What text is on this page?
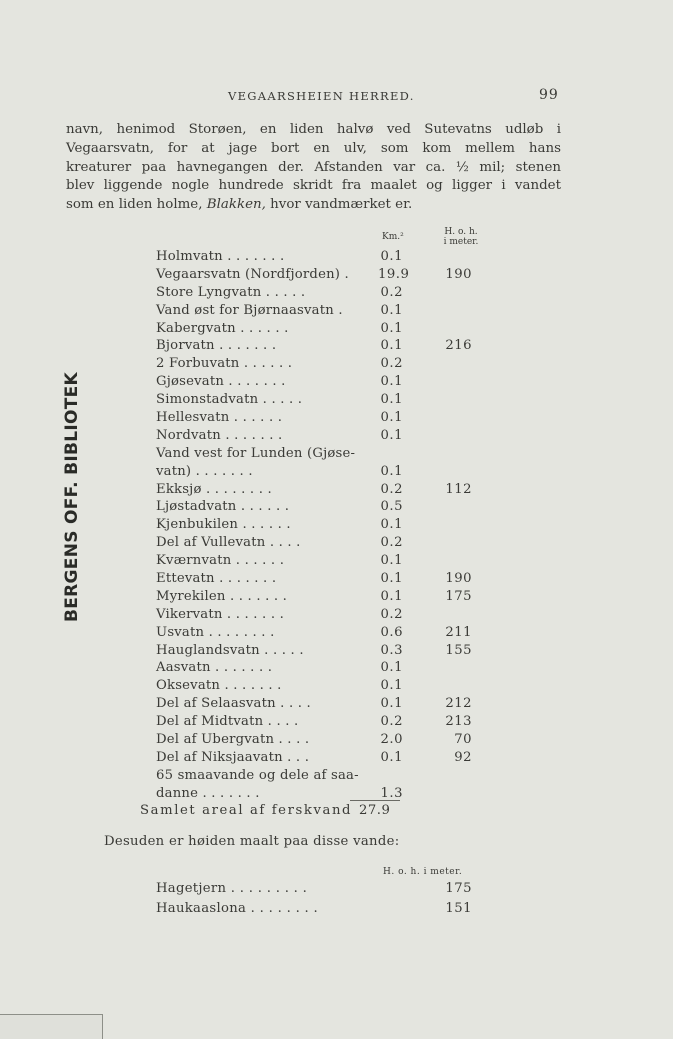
VEGAARSHEIEN HERRED.	99
navn, henimod Storøen, en liden halvø ved Sutevatns udløb i
Vegaarsvatn, for at jage bort en ulv, som kom mellem hans
kreaturer paa havnegangen der. Afstanden var ca. ½ mil; stenen
blev liggende nogle hundrede skridt fra maalet og ligger i vandet
som en liden holme, Blakken, hvor vandmærket er.
Km.²	H. o. h.
i meter.
Holmvatn . . . . . . .	0.1
Vegaarsvatn (Nordfjorden) . 19.9	190
Store Lyngvatn . . . . .	0.2
Vand øst for Bjørnaasvatn .	0.1
Kabergvatn . . . . . .	0.1
Bjorvatn . . . . . . .	0.1	216
2 Forbuvatn . . . . . .	0.2
Gjøsevatn . . . . . . .	0.1
Simonstadvatn . . . . .	0.1
Hellesvatn . . . . . .	0.1
Nordvatn . . . . . . .	0.1
Vand vest for Lunden (Gjøse-
vatn) . . . . . . .	0.1
Ekksjø . . . . . . . .	0.2	112
Ljøstadvatn . . . . . .	0.5
Kjenbukilen . . . . . .	0.1
Del af Vullevatn . . . .	0.2
Kværnvatn . . . . . .	0.1
Ettevatn . . . . . . .	0.1	190
Myrekilen . . . . . . .	0.1	175
Vikervatn . . . . . . .	0.2
Usvatn . . . . . . . .	0.6	211
Hauglandsvatn . . . . .	0.3	155
Aasvatn . . . . . . .	0.1
Oksevatn . . . . . . .	0.1
Del af Selaasvatn . . . .	0.1	212
Del af Midtvatn . . . .	0.2	213
Del af Ubergvatn . . . .	2.0	70
Del af Niksjaavatn . . .	0.1	92
65 smaavande og dele af saa-
danne . . . . . . .	1.3
Samlet areal af ferskvand 27.9
Desuden er høiden maalt paa disse vande:
H. o. h. i meter.
Hagetjern . . . . . . . . .	175
Haukaaslona . . . . . . . .	151
BERGENS OFF. BIBLIOTEK
